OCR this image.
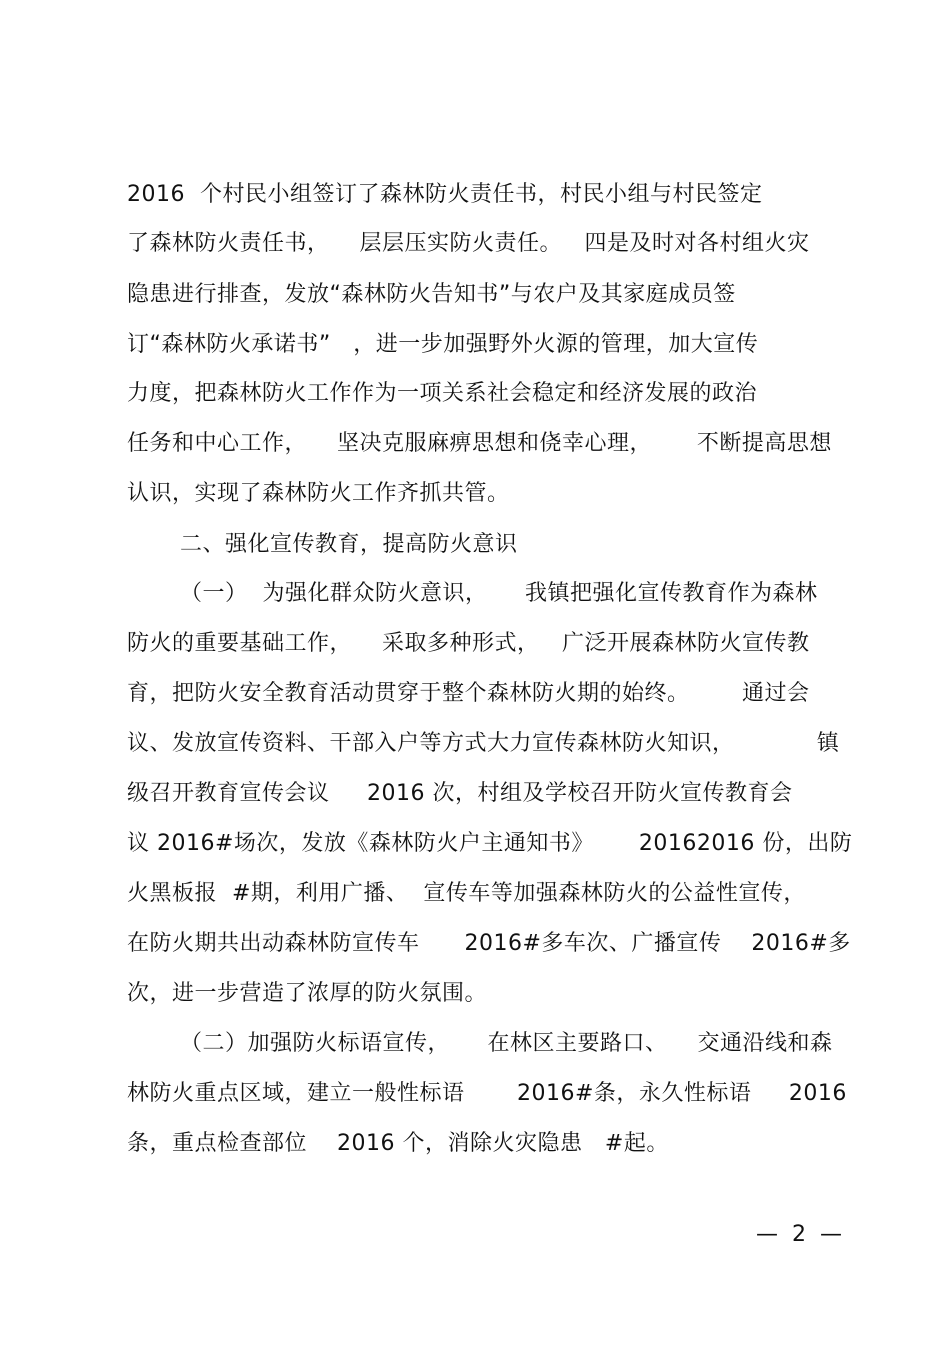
2016  个村民小组签订了森林防火责任书，村民小组与村民签定
了森林防火责任书，    层层压实防火责任。   四是及时对各村组火灾
隐患进行排查，发放“森林防火告知书”与农户及其家庭成员签
订“森林防火承诺书”   ，进一步加强野外火源的管理，加大宣传
力度，把森林防火工作作为一项关系社会稳定和经济发展的政治
任务和中心工作，    坚决克服麻痹思想和侥幸心理，      不断提高思想
认识，实现了森林防火工作齐抓共管。
二、强化宣传教育，提高防火意识
（一）  为强化群众防火意识，     我镇把强化宣传教育作为森林
防火的重要基础工作，    采取多种形式，   广泛开展森林防火宣传教
育，把防火安全教育活动贯穿于整个森林防火期的始终。       通过会
议、发放宣传资料、干部入户等方式大力宣传森林防火知识，           镇
级召开教育宣传会议     2016 次，村组及学校召开防火宣传教育会
议 2016#场次，发放《森林防火户主通知书》      20162016 份，出防
火黑板报  #期，利用广播、  宣传车等加强森林防火的公益性宣传，
在防火期共出动森林防宣传车      2016#多车次、广播宣传    2016#多
次，进一步营造了浓厚的防火氛围。
（二）加强防火标语宣传，     在林区主要路口、    交通沿线和森
林防火重点区域，建立一般性标语       2016#条，永久性标语     2016
条，重点检查部位    2016 个，消除火灾隐患   #起。
—  2  —
